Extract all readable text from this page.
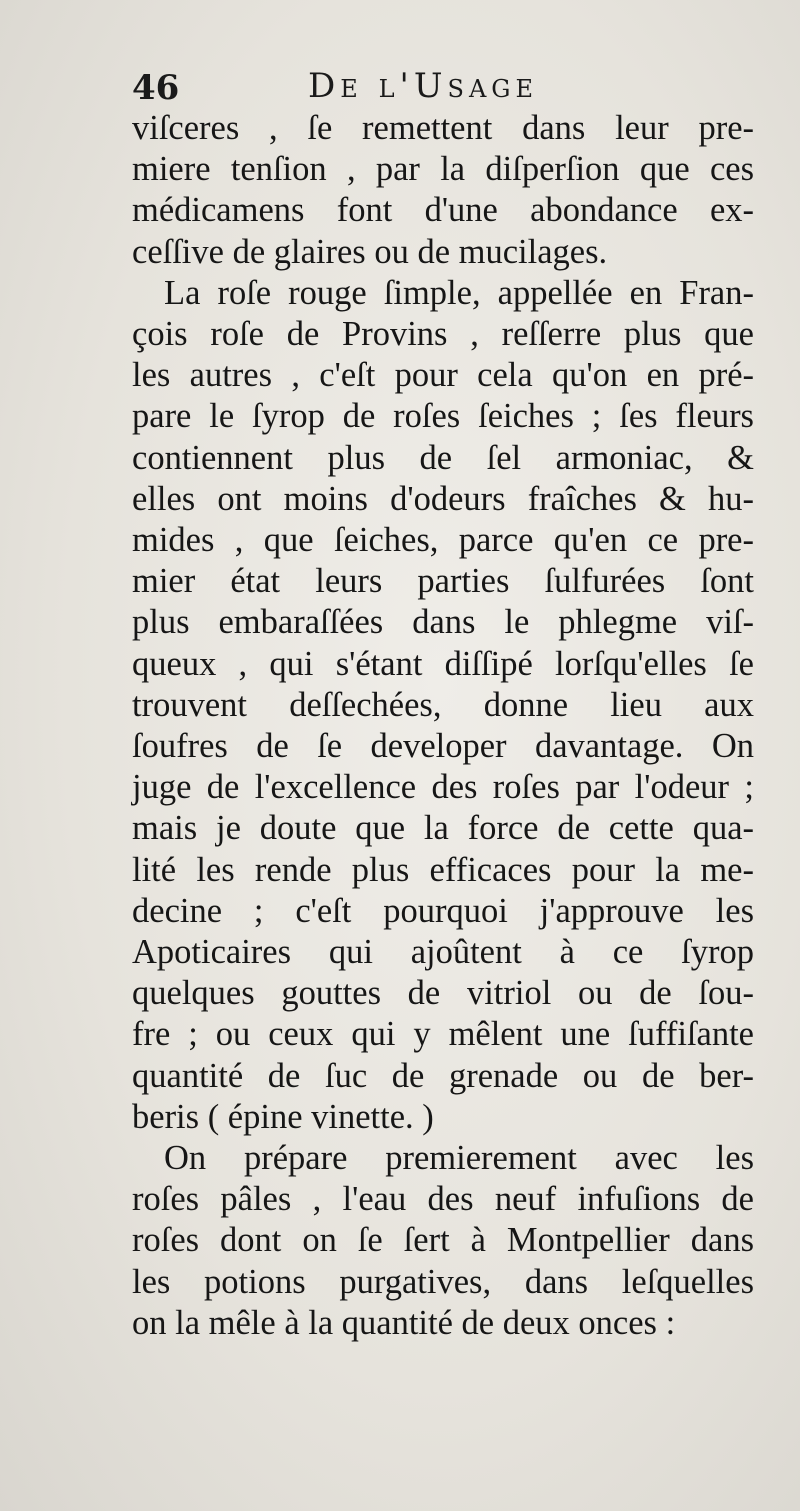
46	De l'Usage
viſceres , ſe remettent dans leur pre-
miere tenſion , par la diſperſion que ces
médicamens font d'une abondance ex-
ceſſive de glaires ou de mucilages.
La roſe rouge ſimple, appellée en Fran-
çois roſe de Provins , reſſerre plus que
les autres , c'eſt pour cela qu'on en pré-
pare le ſyrop de roſes ſeiches ; ſes fleurs
contiennent plus de ſel armoniac, &
elles ont moins d'odeurs fraîches & hu-
mides , que ſeiches, parce qu'en ce pre-
mier état leurs parties ſulfurées ſont
plus embaraſſées dans le phlegme viſ-
queux , qui s'étant diſſipé lorſqu'elles ſe
trouvent deſſechées, donne lieu aux
ſoufres de ſe developer davantage. On
juge de l'excellence des roſes par l'odeur ;
mais je doute que la force de cette qua-
lité les rende plus efficaces pour la me-
decine ; c'eſt pourquoi j'approuve les
Apoticaires qui ajoûtent à ce ſyrop
quelques gouttes de vitriol ou de ſou-
fre ; ou ceux qui y mêlent une ſuffiſante
quantité de ſuc de grenade ou de ber-
beris ( épine vinette. )
On prépare premierement avec les
roſes pâles , l'eau des neuf infuſions de
roſes dont on ſe ſert à Montpellier dans
les potions purgatives, dans leſquelles
on la mêle à la quantité de deux onces :
